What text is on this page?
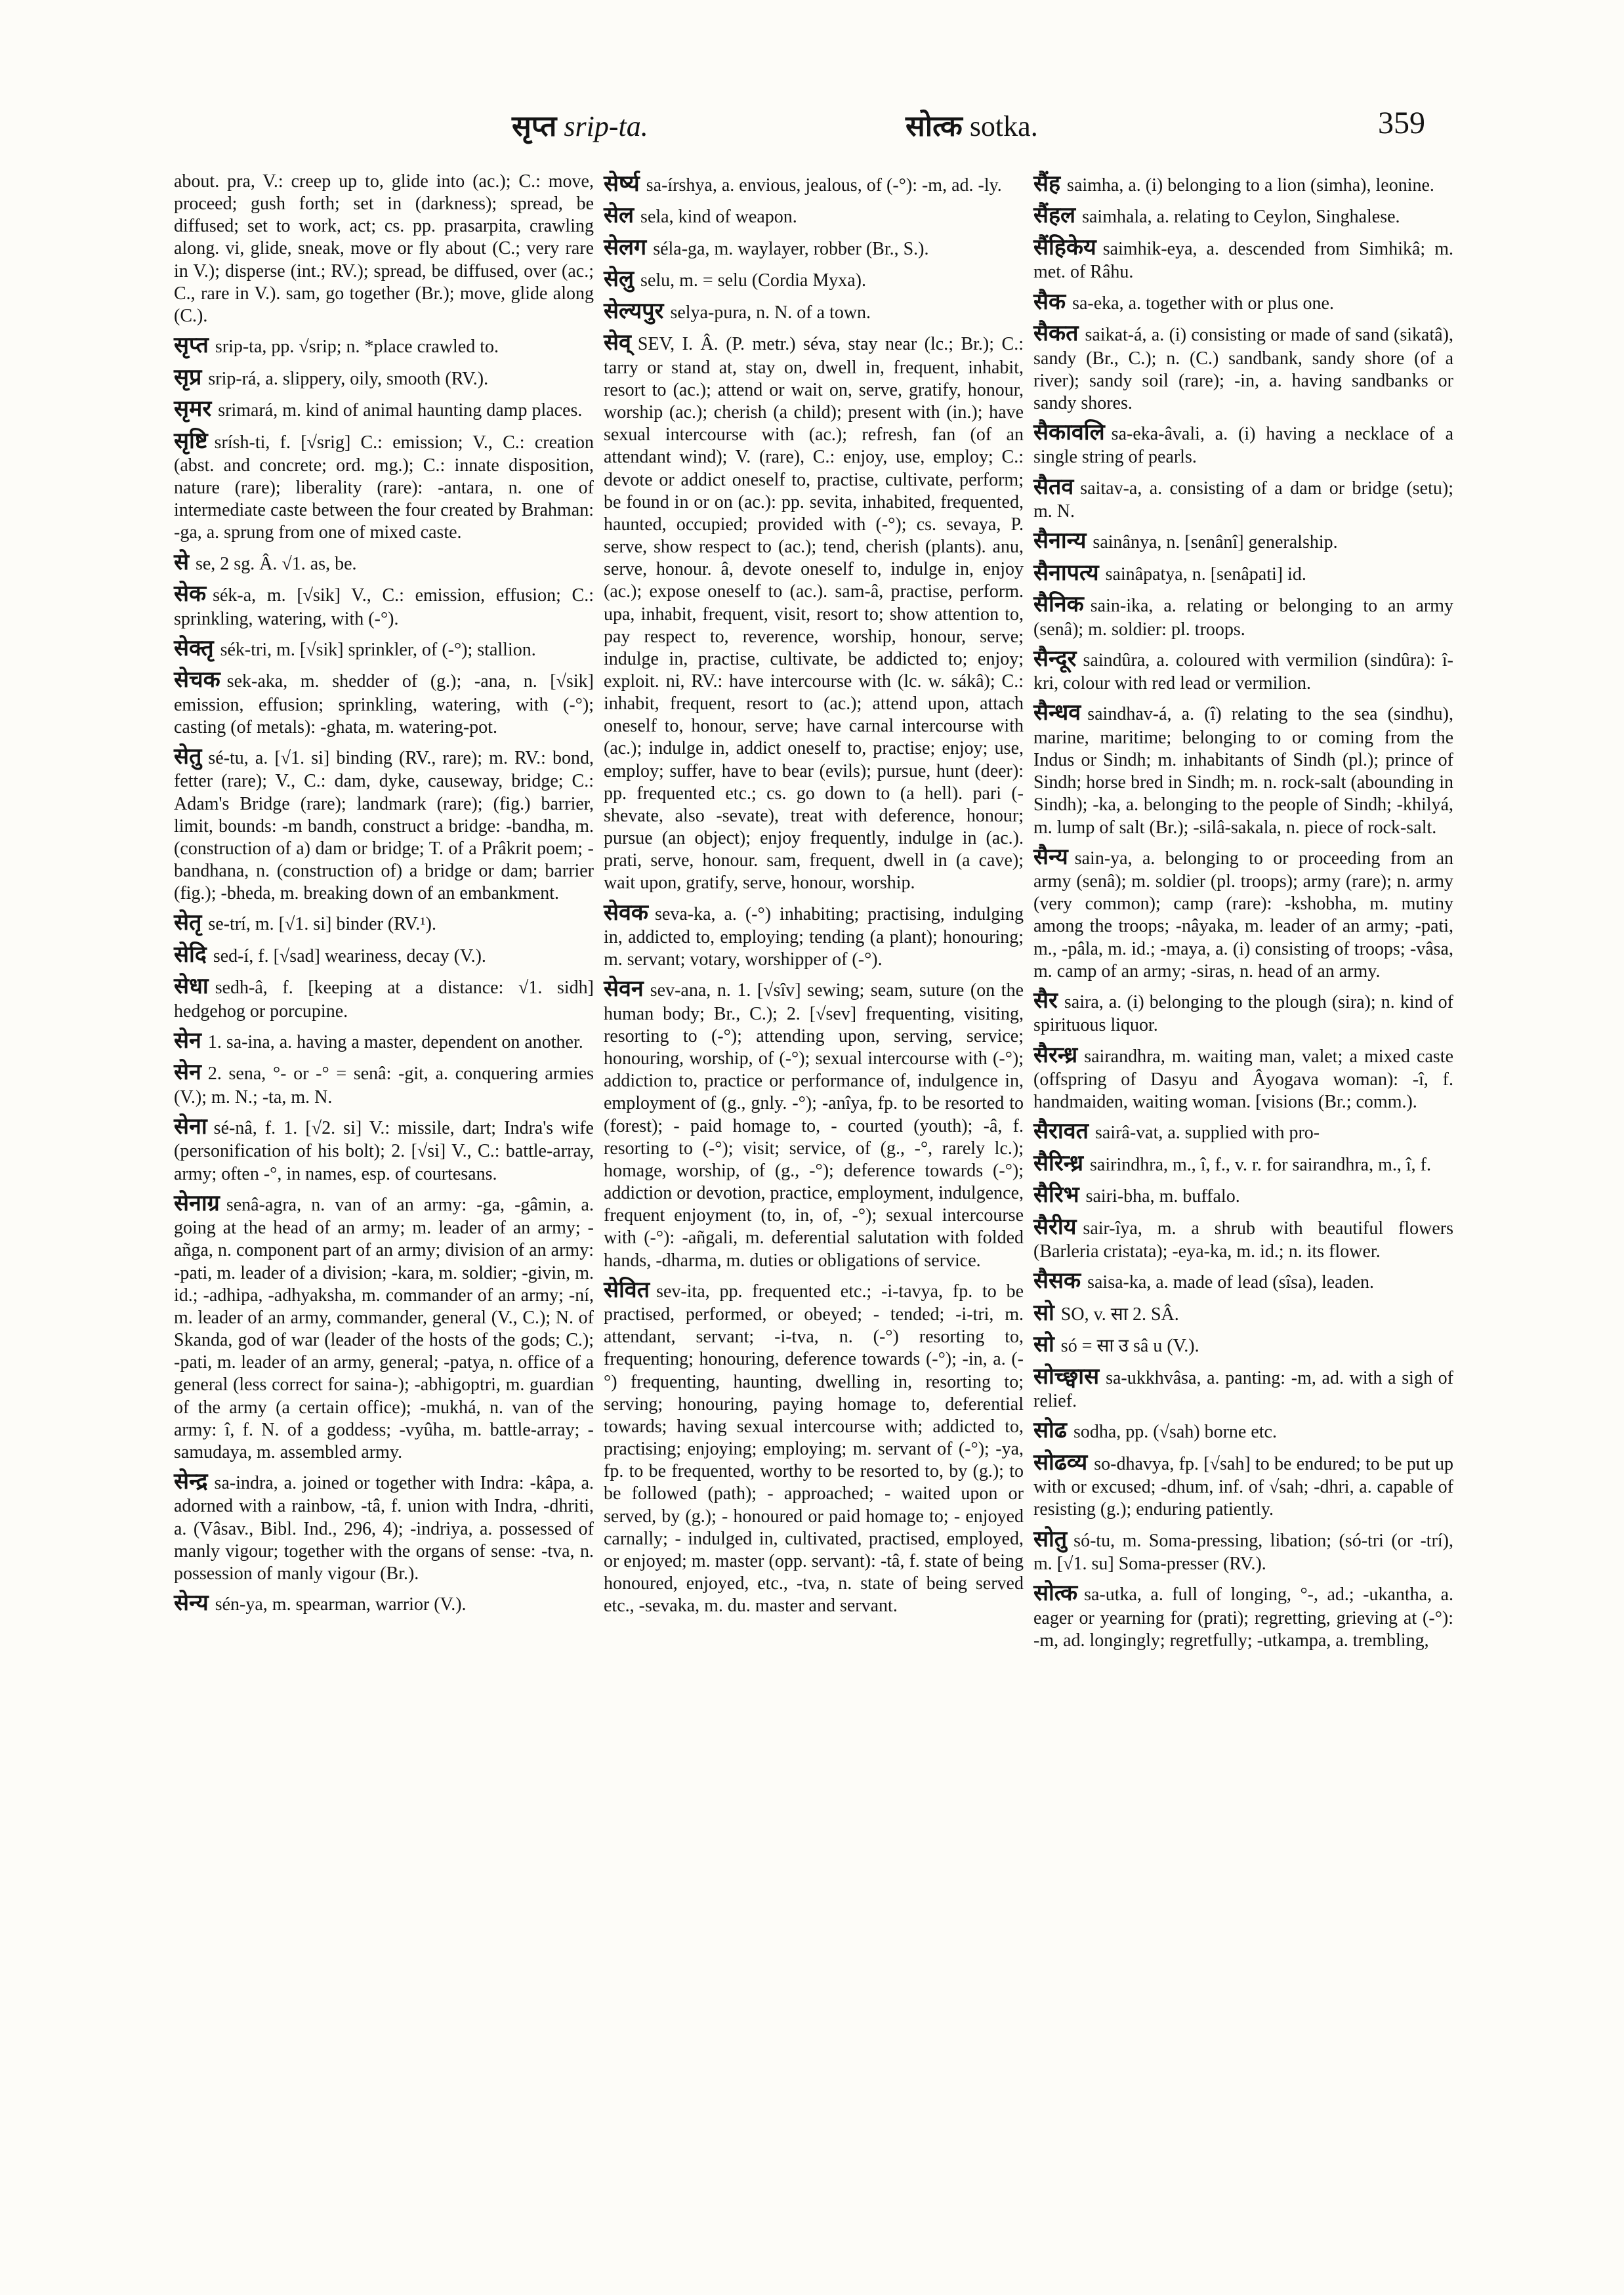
सृप्त srip-ta.	सोत्क sotka.	359
about. pra, V.: creep up to, glide into (ac.); C.: move, proceed; gush forth; set in (darkness); spread, be diffused; set to work, act; cs. pp. prasarpita, crawling along. vi, glide, sneak, move or fly about (C.; very rare in V.); disperse (int.; RV.); spread, be diffused, over (ac.; C., rare in V.). sam, go together (Br.); move, glide along (C.).
सृप्त srip-ta, pp. √srip; n. *place crawled to.
सृप्र srip-rá, a. slippery, oily, smooth (RV.).
सृमर srimará, m. kind of animal haunting damp places.
सृष्टि srísh-ti, f. [√srig] C.: emission; V., C.: creation (abst. and concrete; ord. mg.); C.: innate disposition, nature (rare); liberality (rare): -antara, n. one of intermediate caste between the four created by Brahman: -ga, a. sprung from one of mixed caste.
से se, 2 sg. Â. √1. as, be.
सेक sék-a, m. [√sik] V., C.: emission, effusion; C.: sprinkling, watering, with (-°).
सेक्तृ sék-tri, m. [√sik] sprinkler, of (-°); stallion.
सेचक sek-aka, m. shedder of (g.); -ana, n. [√sik] emission, effusion; sprinkling, watering, with (-°); casting (of metals): -ghata, m. watering-pot.
सेतु sé-tu, a. [√1. si] binding (RV., rare); m. RV.: bond, fetter (rare); V., C.: dam, dyke, causeway, bridge; C.: Adam's Bridge (rare); landmark (rare); (fig.) barrier, limit, bounds: -m bandh, construct a bridge: -bandha, m. (construction of a) dam or bridge; T. of a Prâkrit poem; -bandhana, n. (construction of) a bridge or dam; barrier (fig.); -bheda, m. breaking down of an embankment.
सेतृ se-trí, m. [√1. si] binder (RV.¹).
सेदि sed-í, f. [√sad] weariness, decay (V.).
सेधा sedh-â, f. [keeping at a distance: √1. sidh] hedgehog or porcupine.
सेन 1. sa-ina, a. having a master, dependent on another.
सेन 2. sena, °- or -° = senâ: -git, a. conquering armies (V.); m. N.; -ta, m. N.
सेना sé-nâ, f. 1. [√2. si] V.: missile, dart; Indra's wife (personification of his bolt); 2. [√si] V., C.: battle-array, army; often -°, in names, esp. of courtesans.
सेनाग्र senâ-agra, n. van of an army: -ga, -gâmin, a. going at the head of an army; m. leader of an army; -añga, n. component part of an army; division of an army: -pati, m. leader of a division; -kara, m. soldier; -givin, m. id.; -adhipa, -adhyaksha, m. commander of an army; -ní, m. leader of an army, commander, general (V., C.); N. of Skanda, god of war (leader of the hosts of the gods; C.); -pati, m. leader of an army, general; -patya, n. office of a general (less correct for saina-); -abhigoptri, m. guardian of the army (a certain office); -mukhá, n. van of the army: î, f. N. of a goddess; -vyûha, m. battle-array; -samudaya, m. assembled army.
सेन्द्र sa-indra, a. joined or together with Indra: -kâpa, a. adorned with a rainbow, -tâ, f. union with Indra, -dhriti, a. (Vâsav., Bibl. Ind., 296, 4); -indriya, a. possessed of manly vigour; together with the organs of sense: -tva, n. possession of manly vigour (Br.).
सेन्य sén-ya, m. spearman, warrior (V.).
सेर्ष्य sa-írshya, a. envious, jealous, of (-°): -m, ad. -ly.
सेल sela, kind of weapon.
सेलग séla-ga, m. waylayer, robber (Br., S.).
सेलु selu, m. = selu (Cordia Myxa).
सेल्यपुर selya-pura, n. N. of a town.
सेव् SEV, I. Â. (P. metr.) séva, stay near (lc.; Br.); C.: tarry or stand at, stay on, dwell in, frequent, inhabit, resort to (ac.); attend or wait on, serve, gratify, honour, worship (ac.); cherish (a child); present with (in.); have sexual intercourse with (ac.); refresh, fan (of an attendant wind); V. (rare), C.: enjoy, use, employ; C.: devote or addict oneself to, practise, cultivate, perform; be found in or on (ac.): pp. sevita, inhabited, frequented, haunted, occupied; provided with (-°); cs. sevaya, P. serve, show respect to (ac.); tend, cherish (plants). anu, serve, honour. â, devote oneself to, indulge in, enjoy (ac.); expose oneself to (ac.). sam-â, practise, perform. upa, inhabit, frequent, visit, resort to; show attention to, pay respect to, reverence, worship, honour, serve; indulge in, practise, cultivate, be addicted to; enjoy; exploit. ni, RV.: have intercourse with (lc. w. sákâ); C.: inhabit, frequent, resort to (ac.); attend upon, attach oneself to, honour, serve; have carnal intercourse with (ac.); indulge in, addict oneself to, practise; enjoy; use, employ; suffer, have to bear (evils); pursue, hunt (deer): pp. frequented etc.; cs. go down to (a hell). pari (-shevate, also -sevate), treat with deference, honour; pursue (an object); enjoy frequently, indulge in (ac.). prati, serve, honour. sam, frequent, dwell in (a cave); wait upon, gratify, serve, honour, worship.
सेवक seva-ka, a. (-°) inhabiting; practising, indulging in, addicted to, employing; tending (a plant); honouring; m. servant; votary, worshipper of (-°).
सेवन sev-ana, n. 1. [√sîv] sewing; seam, suture (on the human body; Br., C.); 2. [√sev] frequenting, visiting, resorting to (-°); attending upon, serving, service; honouring, worship, of (-°); sexual intercourse with (-°); addiction to, practice or performance of, indulgence in, employment of (g., gnly. -°); -anîya, fp. to be resorted to (forest); - paid homage to, - courted (youth); -â, f. resorting to (-°); visit; service, of (g., -°, rarely lc.); homage, worship, of (g., -°); deference towards (-°); addiction or devotion, practice, employment, indulgence, frequent enjoyment (to, in, of, -°); sexual intercourse with (-°): -añgali, m. deferential salutation with folded hands, -dharma, m. duties or obligations of service.
सेवित sev-ita, pp. frequented etc.; -i-tavya, fp. to be practised, performed, or obeyed; - tended; -i-tri, m. attendant, servant; -i-tva, n. (-°) resorting to, frequenting; honouring, deference towards (-°); -in, a. (-°) frequenting, haunting, dwelling in, resorting to; serving; honouring, paying homage to, deferential towards; having sexual intercourse with; addicted to, practising; enjoying; employing; m. servant of (-°); -ya, fp. to be frequented, worthy to be resorted to, by (g.); to be followed (path); - approached; - waited upon or served, by (g.); - honoured or paid homage to; - enjoyed carnally; - indulged in, cultivated, practised, employed, or enjoyed; m. master (opp. servant): -tâ, f. state of being honoured, enjoyed, etc., -tva, n. state of being served etc., -sevaka, m. du. master and servant.
सैंह saimha, a. (i) belonging to a lion (simha), leonine.
सैंहल saimhala, a. relating to Ceylon, Singhalese.
सैंहिकेय saimhik-eya, a. descended from Simhikâ; m. met. of Râhu.
सैक sa-eka, a. together with or plus one.
सैकत saikat-á, a. (i) consisting or made of sand (sikatâ), sandy (Br., C.); n. (C.) sandbank, sandy shore (of a river); sandy soil (rare); -in, a. having sandbanks or sandy shores.
सैकावलि sa-eka-âvali, a. (i) having a necklace of a single string of pearls.
सैतव saitav-a, a. consisting of a dam or bridge (setu); m. N.
सैनान्य sainânya, n. [senânî] generalship.
सैनापत्य sainâpatya, n. [senâpati] id.
सैनिक sain-ika, a. relating or belonging to an army (senâ); m. soldier: pl. troops.
सैन्दूर saindûra, a. coloured with vermilion (sindûra): î-kri, colour with red lead or vermilion.
सैन्धव saindhav-á, a. (î) relating to the sea (sindhu), marine, maritime; belonging to or coming from the Indus or Sindh; m. inhabitants of Sindh (pl.); prince of Sindh; horse bred in Sindh; m. n. rock-salt (abounding in Sindh); -ka, a. belonging to the people of Sindh; -khilyá, m. lump of salt (Br.); -silâ-sakala, n. piece of rock-salt.
सैन्य sain-ya, a. belonging to or proceeding from an army (senâ); m. soldier (pl. troops); army (rare); n. army (very common); camp (rare): -kshobha, m. mutiny among the troops; -nâyaka, m. leader of an army; -pati, m., -pâla, m. id.; -maya, a. (i) consisting of troops; -vâsa, m. camp of an army; -siras, n. head of an army.
सैर saira, a. (i) belonging to the plough (sira); n. kind of spirituous liquor.
सैरन्ध्र sairandhra, m. waiting man, valet; a mixed caste (offspring of Dasyu and Âyogava woman): -î, f. handmaiden, waiting woman. [visions (Br.; comm.).
सैरावत sairâ-vat, a. supplied with pro-
सैरिन्ध्र sairindhra, m., î, f., v. r. for sairandhra, m., î, f.
सैरिभ sairi-bha, m. buffalo.
सैरीय sair-îya, m. a shrub with beautiful flowers (Barleria cristata); -eya-ka, m. id.; n. its flower.
सैसक saisa-ka, a. made of lead (sîsa), leaden.
सो SO, v. सा 2. SÂ.
सो só = सा उ sâ u (V.).
सोच्छ्वास sa-ukkhvâsa, a. panting: -m, ad. with a sigh of relief.
सोढ sodha, pp. (√sah) borne etc.
सोढव्य so-dhavya, fp. [√sah] to be endured; to be put up with or excused; -dhum, inf. of √sah; -dhri, a. capable of resisting (g.); enduring patiently.
सोतु só-tu, m. Soma-pressing, libation; (só-tri (or -trí), m. [√1. su] Soma-presser (RV.).
सोत्क sa-utka, a. full of longing, °-, ad.; -ukantha, a. eager or yearning for (prati); regretting, grieving at (-°): -m, ad. longingly; regretfully; -utkampa, a. trembling,
